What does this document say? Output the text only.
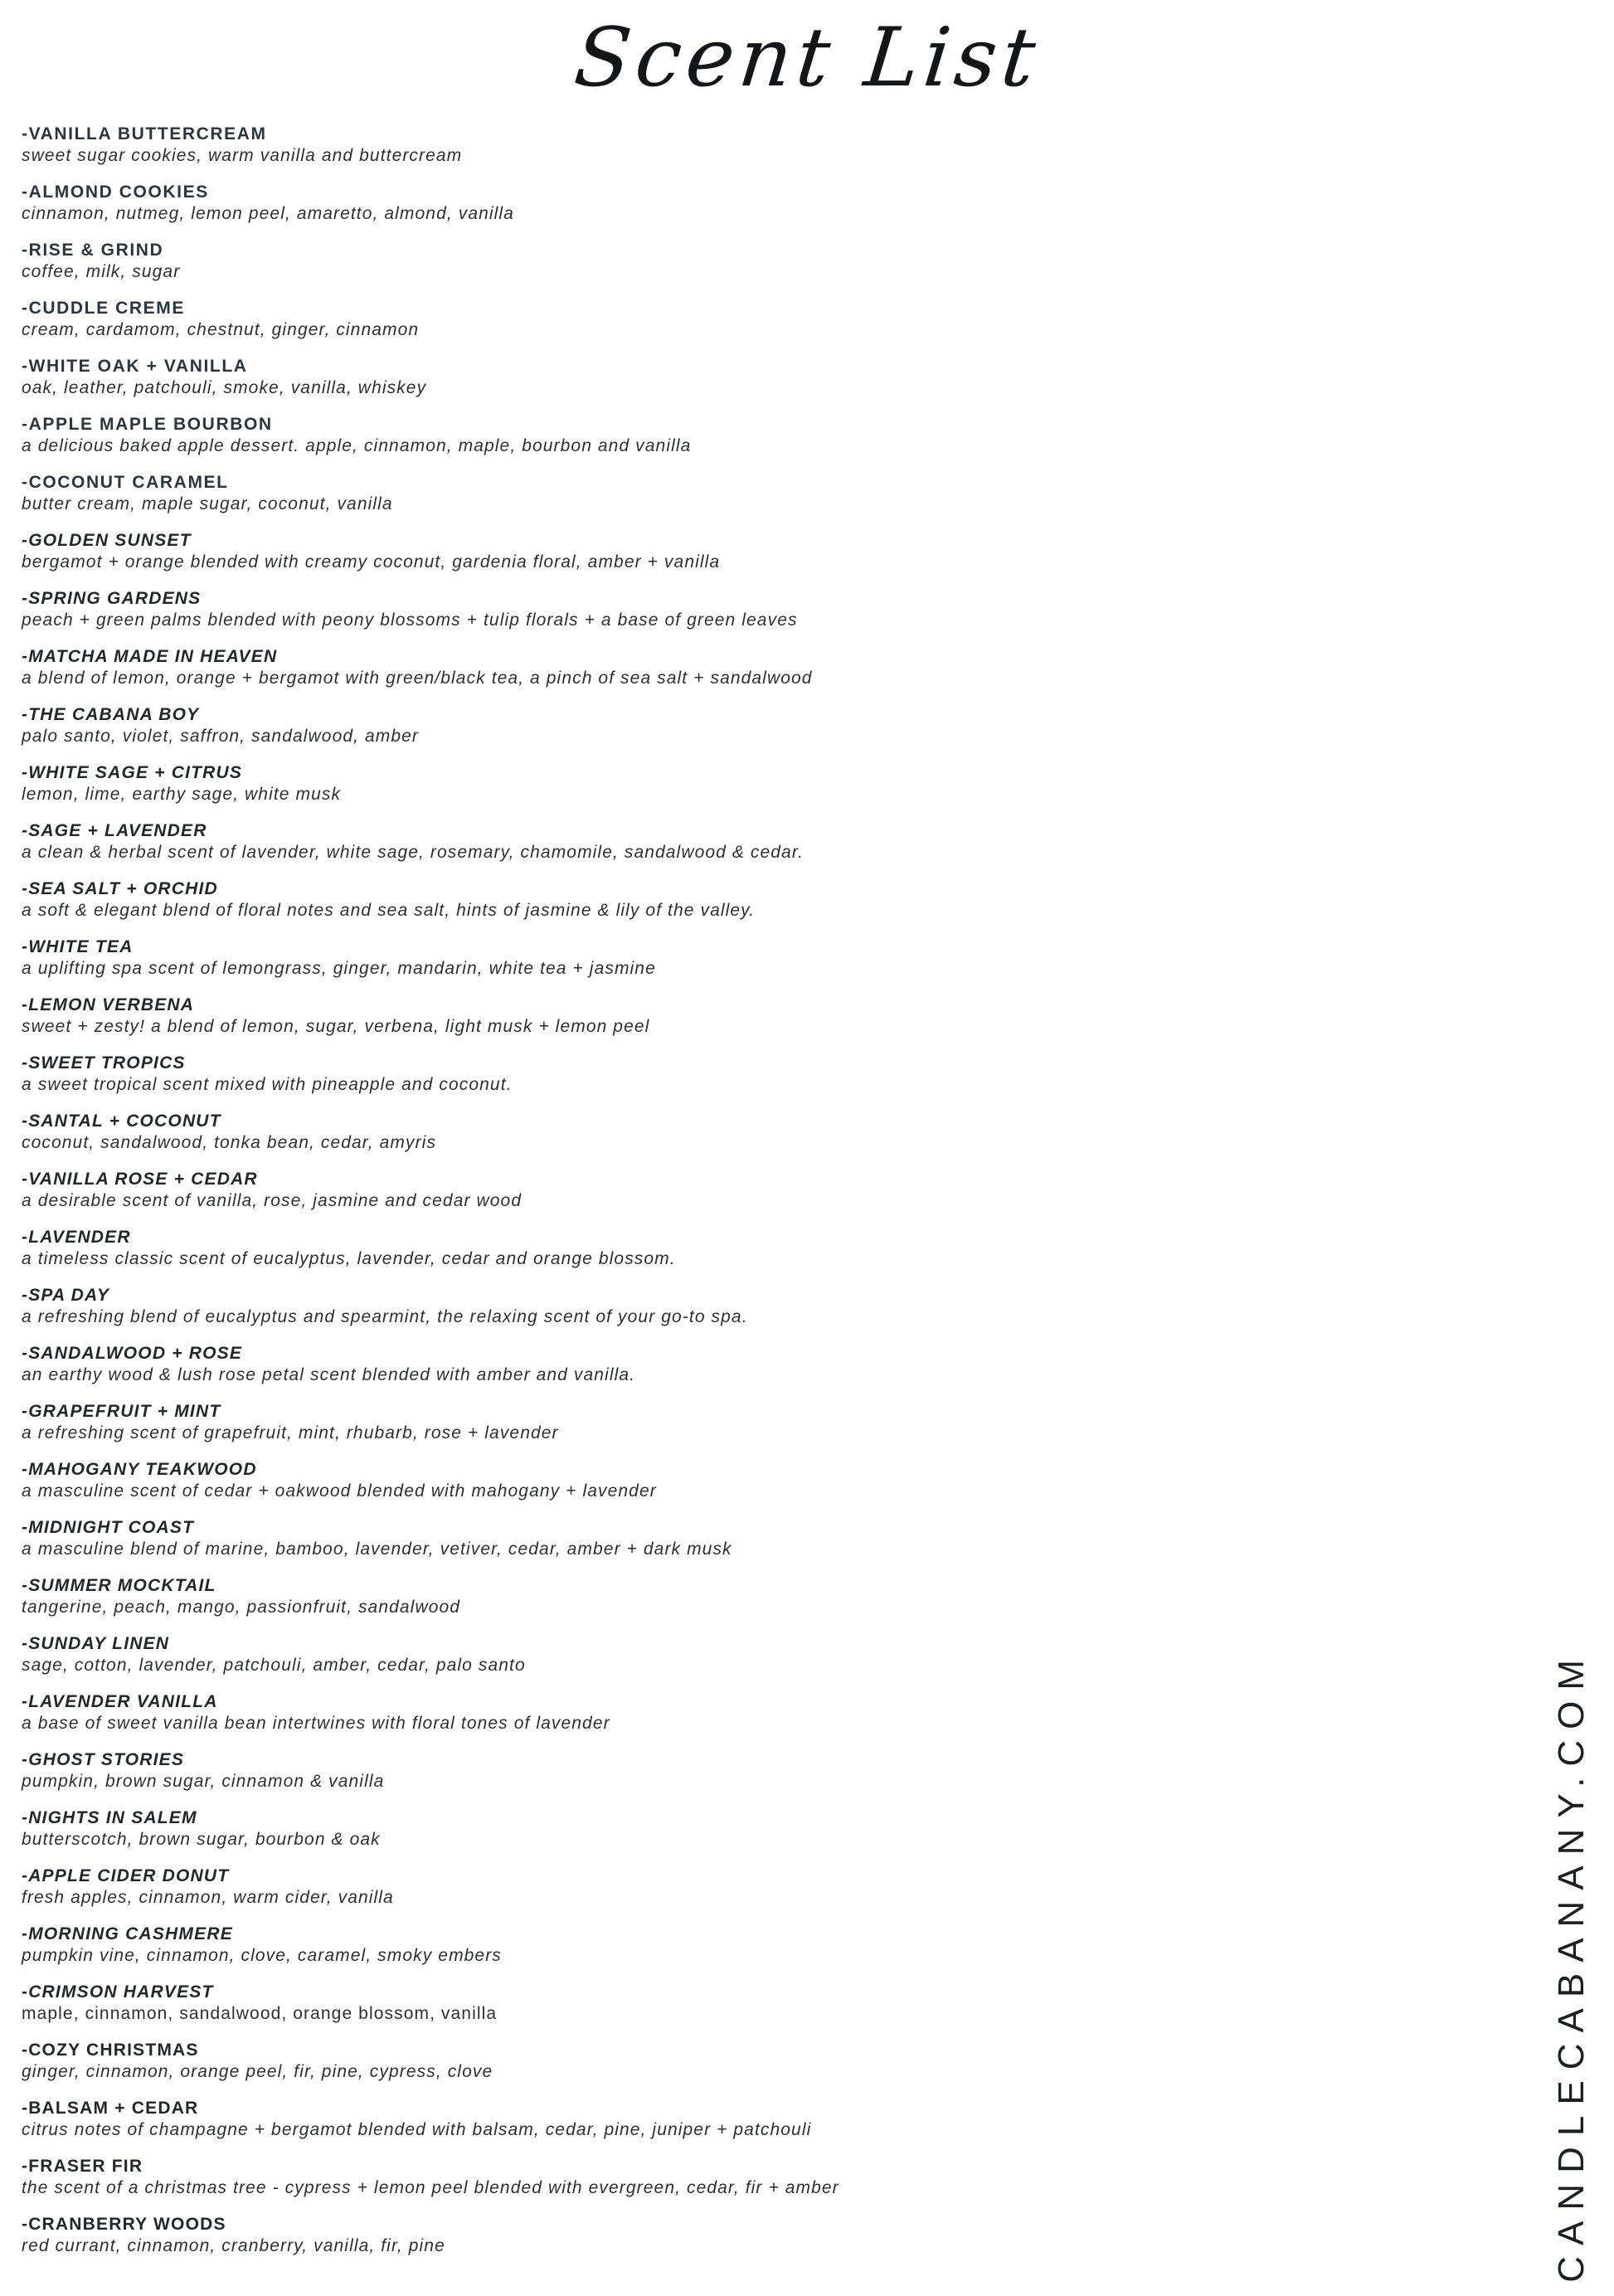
Scent List
-VANILLA BUTTERCREAM
sweet sugar cookies, warm vanilla and buttercream
-ALMOND COOKIES
cinnamon, nutmeg, lemon peel, amaretto, almond, vanilla
-RISE & GRIND
coffee, milk, sugar
-CUDDLE CREME
cream, cardamom, chestnut, ginger, cinnamon
-WHITE OAK + VANILLA
oak, leather, patchouli, smoke, vanilla, whiskey
-APPLE MAPLE BOURBON
a delicious baked apple dessert. apple, cinnamon, maple, bourbon and vanilla
-COCONUT CARAMEL
butter cream, maple sugar, coconut, vanilla
-GOLDEN SUNSET
bergamot + orange blended with creamy coconut, gardenia floral, amber + vanilla
-SPRING GARDENS
peach + green palms blended with peony blossoms + tulip florals + a base of green leaves
-MATCHA MADE IN HEAVEN
a blend of lemon, orange + bergamot with green/black tea, a pinch of sea salt + sandalwood
-THE CABANA BOY
palo santo, violet, saffron, sandalwood, amber
-WHITE SAGE + CITRUS
lemon, lime, earthy sage, white musk
-SAGE + LAVENDER
a clean & herbal scent of lavender, white sage, rosemary, chamomile, sandalwood & cedar.
-SEA SALT + ORCHID
a soft & elegant blend of floral notes and sea salt, hints of jasmine & lily of the valley.
-WHITE TEA
a uplifting spa scent of lemongrass, ginger, mandarin, white tea + jasmine
-LEMON VERBENA
sweet + zesty! a blend of lemon, sugar, verbena, light musk + lemon peel
-SWEET TROPICS
a sweet tropical scent mixed with pineapple and coconut.
-SANTAL + COCONUT
coconut, sandalwood, tonka bean, cedar, amyris
-VANILLA ROSE + CEDAR
a desirable scent of vanilla, rose, jasmine and cedar wood
-LAVENDER
a timeless classic scent of eucalyptus, lavender, cedar and orange blossom.
-SPA DAY
a refreshing blend of eucalyptus and spearmint, the relaxing scent of your go-to spa.
-SANDALWOOD + ROSE
an earthy wood & lush rose petal scent blended with amber and vanilla.
-GRAPEFRUIT + MINT
a refreshing scent of grapefruit, mint, rhubarb, rose + lavender
-MAHOGANY TEAKWOOD
a masculine scent of cedar + oakwood blended with mahogany + lavender
-MIDNIGHT COAST
a masculine blend of marine, bamboo, lavender, vetiver, cedar, amber + dark musk
-SUMMER MOCKTAIL
tangerine, peach, mango, passionfruit, sandalwood
-SUNDAY LINEN
sage, cotton, lavender, patchouli, amber, cedar, palo santo
-LAVENDER VANILLA
a base of sweet vanilla bean intertwines with floral tones of lavender
-GHOST STORIES
pumpkin, brown sugar, cinnamon & vanilla
-NIGHTS IN SALEM
butterscotch, brown sugar, bourbon & oak
-APPLE CIDER DONUT
fresh apples, cinnamon, warm cider, vanilla
-MORNING CASHMERE
pumpkin vine, cinnamon, clove, caramel, smoky embers
-CRIMSON HARVEST
maple, cinnamon, sandalwood, orange blossom, vanilla
-COZY CHRISTMAS
ginger, cinnamon, orange peel, fir, pine, cypress, clove
-BALSAM + CEDAR
citrus notes of champagne + bergamot blended with balsam, cedar, pine, juniper + patchouli
-FRASER FIR
the scent of a christmas tree - cypress + lemon peel blended with evergreen, cedar, fir + amber
-CRANBERRY WOODS
red currant, cinnamon, cranberry, vanilla, fir, pine	CANDLECABANANY.COM
